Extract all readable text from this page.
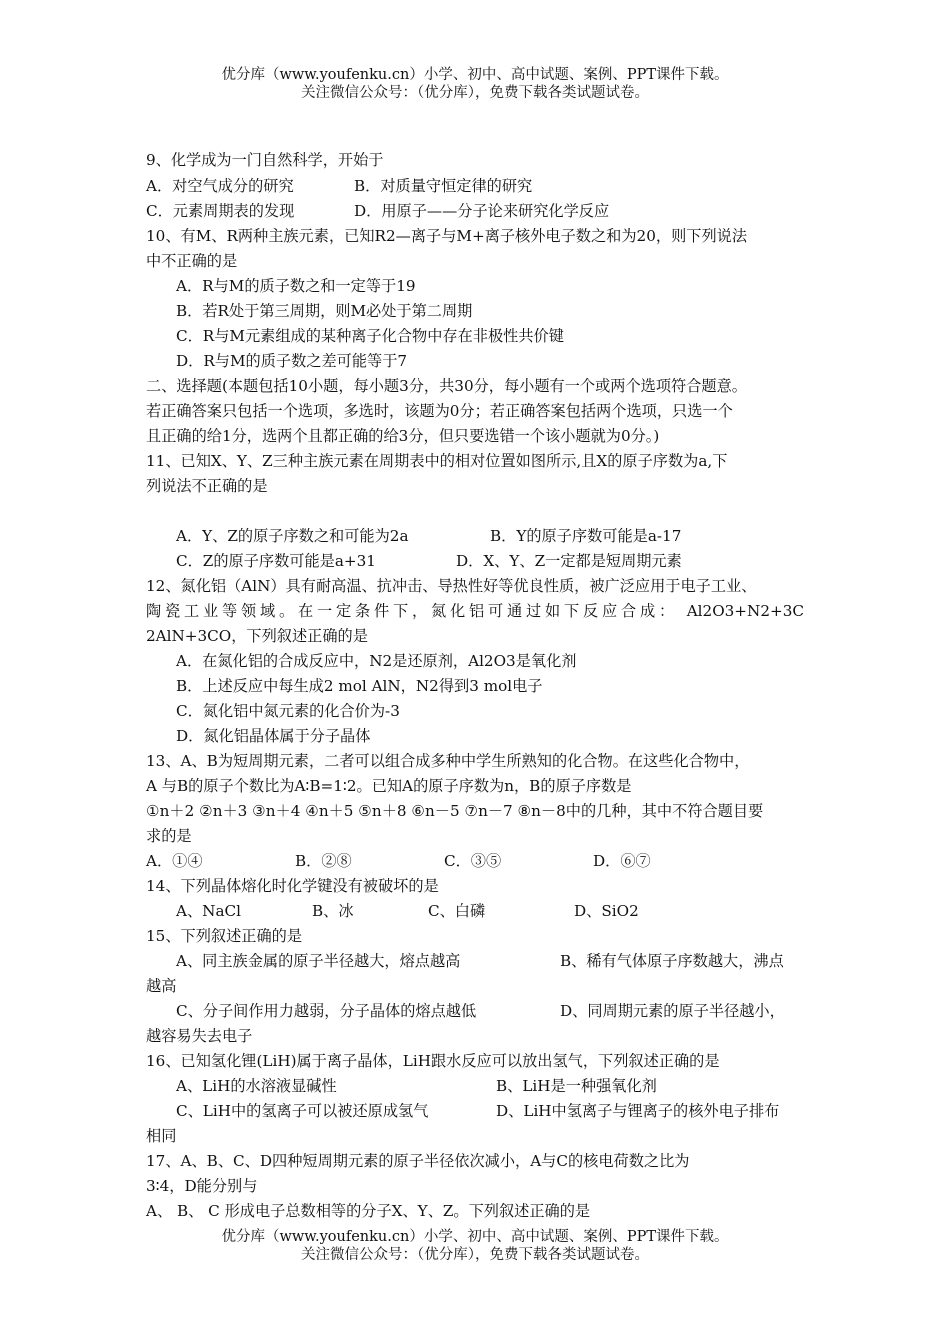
优分库（www.youfenku.cn）小学、初中、高中试题、案例、PPT课件下载。
关注微信公众号：（优分库），免费下载各类试题试卷。
9、化学成为一门自然科学，开始于
A．对空气成分的研究	B．对质量守恒定律的研究
C．元素周期表的发现	D．用原子——分子论来研究化学反应
10、有M、R两种主族元素，已知R2—离子与M+离子核外电子数之和为20，则下列说法
中不正确的是
A．R与M的质子数之和一定等于19
B．若R处于第三周期，则M必处于第二周期
C．R与M元素组成的某种离子化合物中存在非极性共价键
D．R与M的质子数之差可能等于7
二、选择题(本题包括10小题，每小题3分，共30分，每小题有一个或两个选项符合题意。
若正确答案只包括一个选项，多选时，该题为0分；若正确答案包括两个选项，只选一个
且正确的给1分，选两个且都正确的给3分，但只要选错一个该小题就为0分。)
11、已知X、Y、Z三种主族元素在周期表中的相对位置如图所示,且X的原子序数为a,下
列说法不正确的是
A．Y、Z的原子序数之和可能为2a	B．Y的原子序数可能是a-17
C．Z的原子序数可能是a+31	D．X、Y、Z一定都是短周期元素
12、氮化铝（AlN）具有耐高温、抗冲击、导热性好等优良性质，被广泛应用于电子工业、
陶瓷工业等领域。在一定条件下，氮化铝可通过如下反应合成： Al2O3+N2+3C
2AlN+3CO，下列叙述正确的是
A．在氮化铝的合成反应中，N2是还原剂，Al2O3是氧化剂
B．上述反应中每生成2 mol AlN，N2得到3 mol电子
C．氮化铝中氮元素的化合价为-3
D．氮化铝晶体属于分子晶体
13、A、B为短周期元素，二者可以组合成多种中学生所熟知的化合物。在这些化合物中，
A 与B的原子个数比为A∶B=1∶2。已知A的原子序数为n，B的原子序数是
①n＋2 ②n＋3 ③n＋4 ④n＋5 ⑤n＋8 ⑥n－5 ⑦n－7 ⑧n－8中的几种，其中不符合题目要
求的是
A．①④	B．②⑧	C．③⑤	D．⑥⑦
14、下列晶体熔化时化学键没有被破坏的是
A、NaCl	B、冰	C、白磷	D、SiO2
15、下列叙述正确的是
A、同主族金属的原子半径越大，熔点越高	B、稀有气体原子序数越大，沸点
越高
C、分子间作用力越弱，分子晶体的熔点越低	D、同周期元素的原子半径越小，
越容易失去电子
16、已知氢化锂(LiH)属于离子晶体，LiH跟水反应可以放出氢气，下列叙述正确的是
A、LiH的水溶液显碱性	B、LiH是一种强氧化剂
C、LiH中的氢离子可以被还原成氢气	D、LiH中氢离子与锂离子的核外电子排布
相同
17、A、B、C、D四种短周期元素的原子半径依次减小，A与C的核电荷数之比为
3∶4，D能分别与
A、 B、 C 形成电子总数相等的分子X、Y、Z。下列叙述正确的是
优分库（www.youfenku.cn）小学、初中、高中试题、案例、PPT课件下载。
关注微信公众号：（优分库），免费下载各类试题试卷。
